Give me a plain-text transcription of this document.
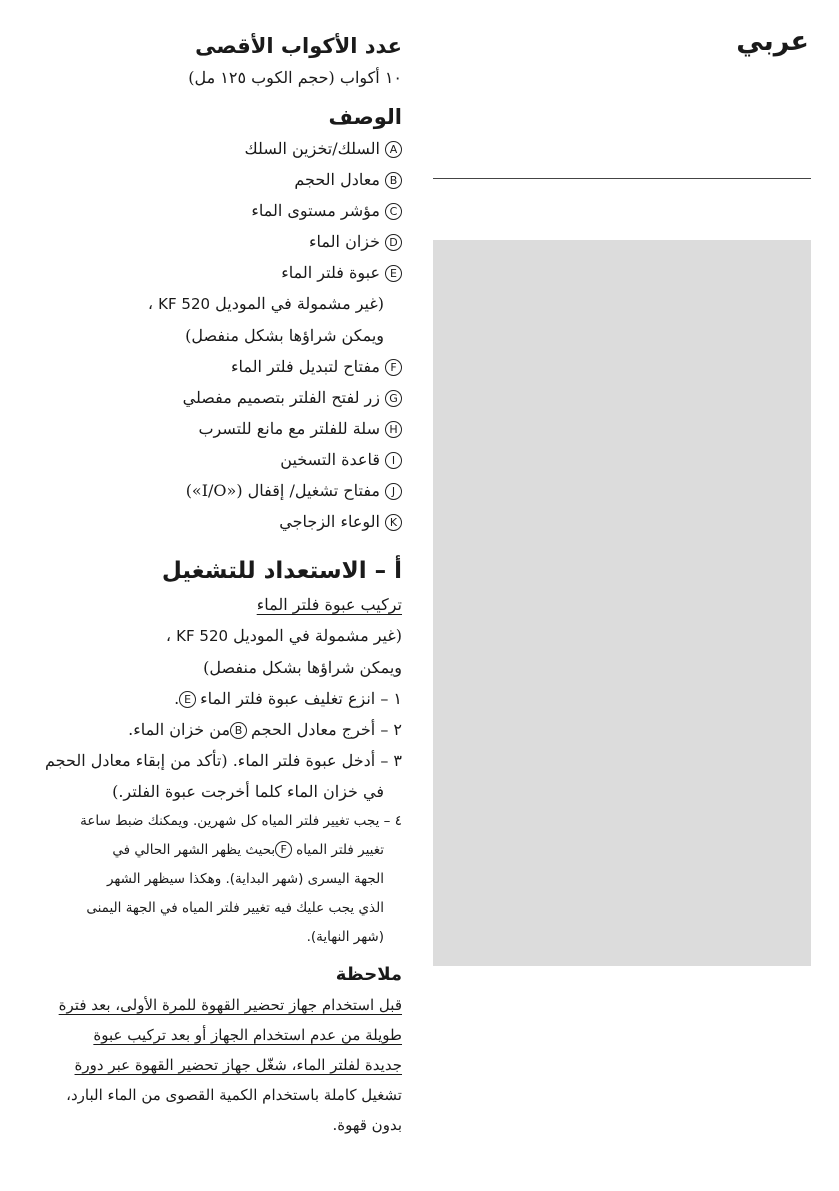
عربي
عدد الأكواب الأقصى
١٠ أكواب (حجم الكوب ١٢٥ مل)
الوصف
Aالسلك/تخزين السلك
Bمعادل الحجم
Cمؤشر مستوى الماء
Dخزان الماء
Eعبوة فلتر الماء
(غير مشمولة في الموديل KF 520 ،
ويمكن شراؤها بشكل منفصل)
Fمفتاح لتبديل فلتر الماء
Gزر لفتح الفلتر بتصميم مفصلي
Hسلة للفلتر مع مانع للتسرب
Iقاعدة التسخين
Jمفتاح تشغيل/ إقفال («I/O»)
Kالوعاء الزجاجي
أ – الاستعداد للتشغيل
تركيب عبوة فلتر الماء
(غير مشمولة في الموديل KF 520 ،
ويمكن شراؤها بشكل منفصل)
١ – انزع تغليف عبوة فلتر الماءE.
٢ – أخرج معادل الحجمBمن خزان الماء.
٣ – أدخل عبوة فلتر الماء. (تأكد من إبقاء معادل الحجم
في خزان الماء كلما أخرجت عبوة الفلتر.)
٤ – يجب تغيير فلتر المياه كل شهرين. ويمكنك ضبط ساعة
تغيير فلتر المياهFبحيث يظهر الشهر الحالي في
الجهة اليسرى (شهر البداية). وهكذا سيظهر الشهر
الذي يجب عليك فيه تغيير فلتر المياه في الجهة اليمنى
(شهر النهاية).
ملاحظة
قبل استخدام جهاز تحضير القهوة للمرة الأولى، بعد فترة
طويلة من عدم استخدام الجهاز أو بعد تركيب عبوة
جديدة لفلتر الماء، شغّل جهاز تحضير القهوة عبر دورة
تشغيل كاملة باستخدام الكمية القصوى من الماء البارد،
بدون قهوة.
